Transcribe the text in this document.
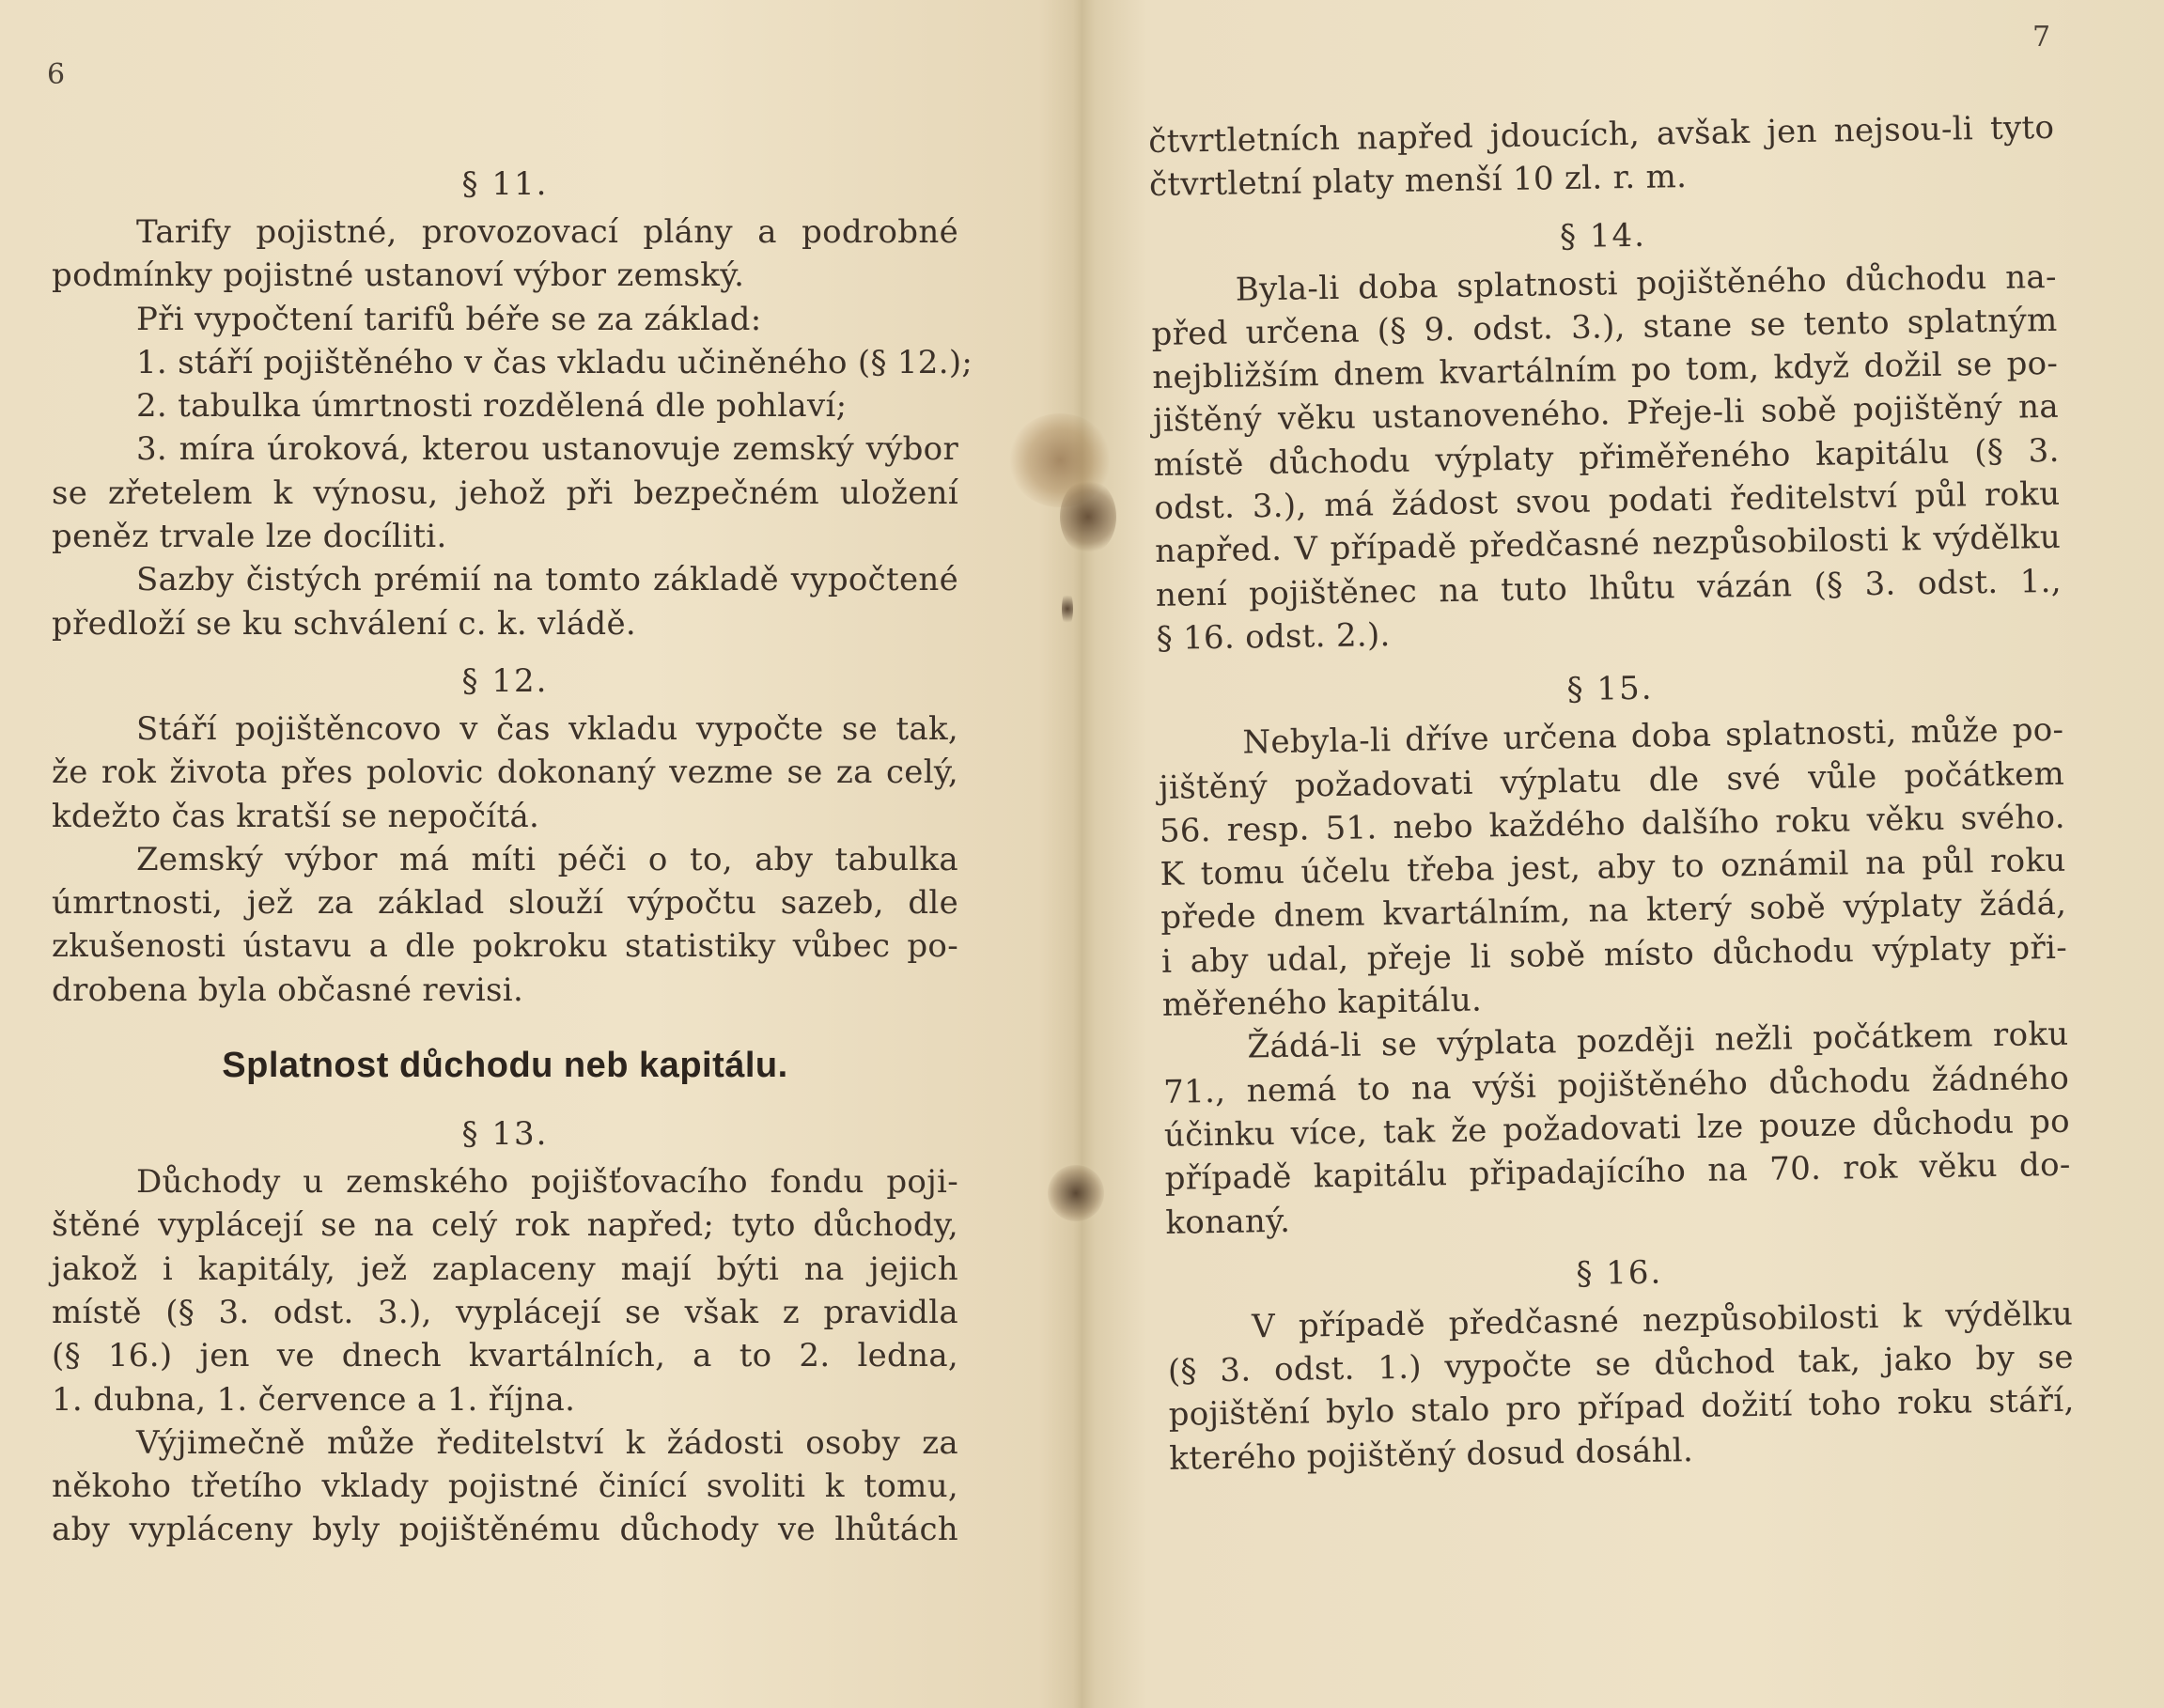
6
7
§ 11.
Tarify pojistné, provozovací plány a podrobné
podmínky pojistné ustanoví výbor zemský.
Při vypočtení tarifů béře se za základ:
1. stáří pojištěného v čas vkladu učiněného (§ 12.);
2. tabulka úmrtnosti rozdělená dle pohlaví;
3. míra úroková, kterou ustanovuje zemský výbor
se zřetelem k výnosu, jehož při bezpečném uložení
peněz trvale lze docíliti.
Sazby čistých prémií na tomto základě vypočtené
předloží se ku schválení c. k. vládě.
§ 12.
Stáří pojištěncovo v čas vkladu vypočte se tak,
že rok života přes polovic dokonaný vezme se za celý,
kdežto čas kratší se nepočítá.
Zemský výbor má míti péči o to, aby tabulka
úmrtnosti, jež za základ slouží výpočtu sazeb, dle
zkušenosti ústavu a dle pokroku statistiky vůbec po-
drobena byla občasné revisi.
Splatnost důchodu neb kapitálu.
§ 13.
Důchody u zemského pojišťovacího fondu poji-
štěné vyplácejí se na celý rok napřed; tyto důchody,
jakož i kapitály, jež zaplaceny mají býti na jejich
místě (§ 3. odst. 3.), vyplácejí se však z pravidla
(§ 16.) jen ve dnech kvartálních, a to 2. ledna,
1. dubna, 1. července a 1. října.
Výjimečně může ředitelství k žádosti osoby za
někoho třetího vklady pojistné činící svoliti k tomu,
aby vypláceny byly pojištěnému důchody ve lhůtách
čtvrtletních napřed jdoucích, avšak jen nejsou-li tyto
čtvrtletní platy menší 10 zl. r. m.
§ 14.
Byla-li doba splatnosti pojištěného důchodu na-
před určena (§ 9. odst. 3.), stane se tento splatným
nejbližším dnem kvartálním po tom, když dožil se po-
jištěný věku ustanoveného. Přeje-li sobě pojištěný na
místě důchodu výplaty přiměřeného kapitálu (§ 3.
odst. 3.), má žádost svou podati ředitelství půl roku
napřed. V případě předčasné nezpůsobilosti k výdělku
není pojištěnec na tuto lhůtu vázán (§ 3. odst. 1.,
§ 16. odst. 2.).
§ 15.
Nebyla-li dříve určena doba splatnosti, může po-
jištěný požadovati výplatu dle své vůle počátkem
56. resp. 51. nebo každého dalšího roku věku svého.
K tomu účelu třeba jest, aby to oznámil na půl roku
přede dnem kvartálním, na který sobě výplaty žádá,
i aby udal, přeje li sobě místo důchodu výplaty při-
měřeného kapitálu.
Žádá-li se výplata později nežli počátkem roku
71., nemá to na výši pojištěného důchodu žádného
účinku více, tak že požadovati lze pouze důchodu po
případě kapitálu připadajícího na 70. rok věku do-
konaný.
§ 16.
V případě předčasné nezpůsobilosti k výdělku
(§ 3. odst. 1.) vypočte se důchod tak, jako by se
pojištění bylo stalo pro případ dožití toho roku stáří,
kterého pojištěný dosud dosáhl.
